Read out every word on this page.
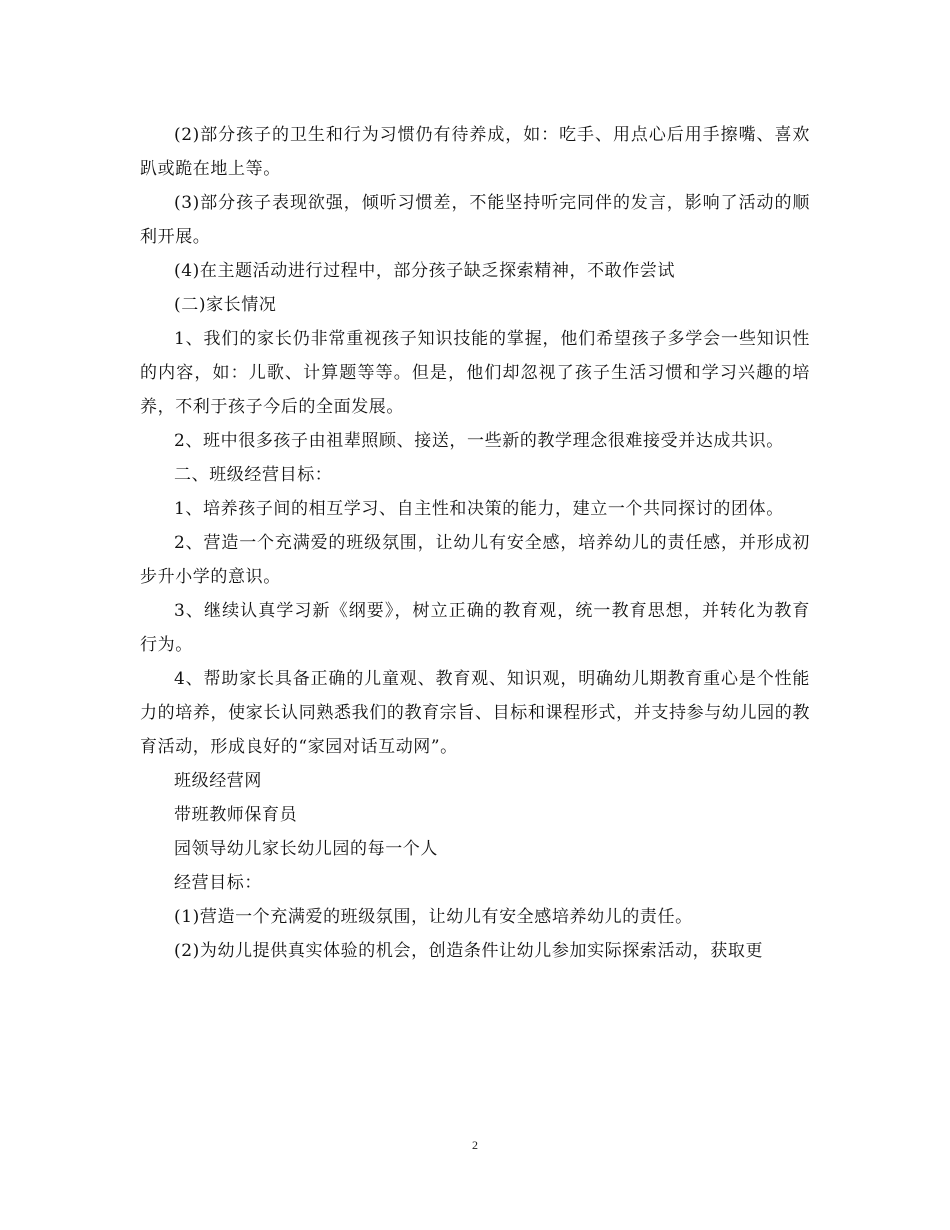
(2)部分孩子的卫生和行为习惯仍有待养成，如：吃手、用点心后用手擦嘴、喜欢趴或跪在地上等。

(3)部分孩子表现欲强，倾听习惯差，不能坚持听完同伴的发言，影响了活动的顺利开展。

(4)在主题活动进行过程中，部分孩子缺乏探索精神，不敢作尝试

(二)家长情况

1、我们的家长仍非常重视孩子知识技能的掌握，他们希望孩子多学会一些知识性的内容，如：儿歌、计算题等等。但是，他们却忽视了孩子生活习惯和学习兴趣的培养，不利于孩子今后的全面发展。

2、班中很多孩子由祖辈照顾、接送，一些新的教学理念很难接受并达成共识。

二、班级经营目标：

1、培养孩子间的相互学习、自主性和决策的能力，建立一个共同探讨的团体。

2、营造一个充满爱的班级氛围，让幼儿有安全感，培养幼儿的责任感，并形成初步升小学的意识。

3、继续认真学习新《纲要》，树立正确的教育观，统一教育思想，并转化为教育行为。

4、帮助家长具备正确的儿童观、教育观、知识观，明确幼儿期教育重心是个性能力的培养，使家长认同熟悉我们的教育宗旨、目标和课程形式，并支持参与幼儿园的教育活动，形成良好的“家园对话互动网”。

班级经营网

带班教师保育员

园领导幼儿家长幼儿园的每一个人

经营目标：

(1)营造一个充满爱的班级氛围，让幼儿有安全感培养幼儿的责任。

(2)为幼儿提供真实体验的机会，创造条件让幼儿参加实际探索活动，获取更

2
